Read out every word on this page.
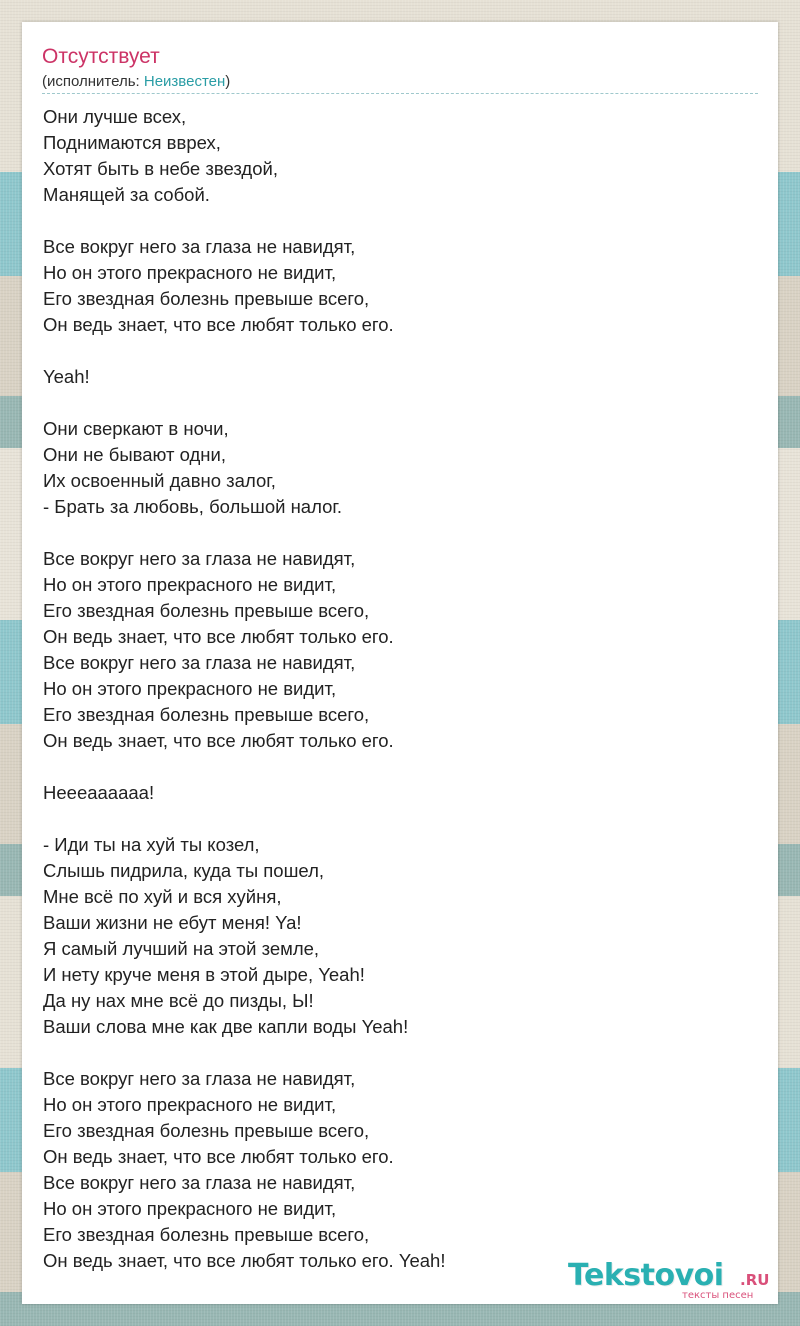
Отсутствует
(исполнитель: Неизвестен)
Они лучше всех,
Поднимаются вврех,
Хотят быть в небе звездой,
Манящей за собой.
Все вокруг него за глаза не навидят,
Но он этого прекрасного не видит,
Его звездная болезнь превыше всего,
Он ведь знает, что все любят только его.
Yeah!
Они сверкают в ночи,
Они не бывают одни,
Их освоенный давно залог,
- Брать за любовь, большой налог.
Все вокруг него за глаза не навидят,
Но он этого прекрасного не видит,
Его звездная болезнь превыше всего,
Он ведь знает, что все любят только его.
Все вокруг него за глаза не навидят,
Но он этого прекрасного не видит,
Его звездная болезнь превыше всего,
Он ведь знает, что все любят только его.
Нееeaaaaaa!
- Иди ты на хуй ты козел,
Слышь пидрила, куда ты пошел,
Мне всё по хуй и вся хуйня,
Ваши жизни не ебут меня! Ya!
Я самый лучший на этой земле,
И нету круче меня в этой дыре, Yeah!
Да ну нах мне всё до пизды, Ы!
Ваши слова мне как две капли воды Yeah!
Все вокруг него за глаза не навидят,
Но он этого прекрасного не видит,
Его звездная болезнь превыше всего,
Он ведь знает, что все любят только его.
Все вокруг него за глаза не навидят,
Но он этого прекрасного не видит,
Его звездная болезнь превыше всего,
Он ведь знает, что все любят только его. Yeah!	Tekstovoi .RU
тексты песен
